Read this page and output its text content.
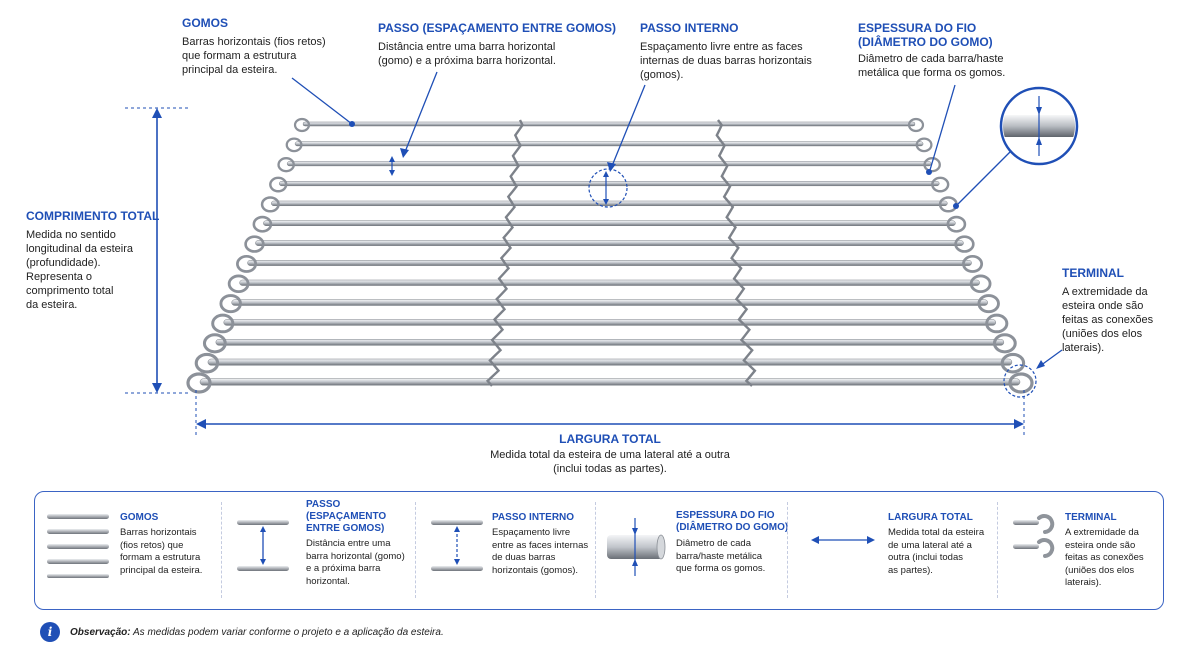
GOMOS
Barras horizontais (fios retos)
que formam a estrutura
principal da esteira.
PASSO (ESPAÇAMENTO ENTRE GOMOS)
Distância entre uma barra horizontal
(gomo) e a próxima barra horizontal.
PASSO INTERNO
Espaçamento livre entre as faces
internas de duas barras horizontais
(gomos).
ESPESSURA DO FIO
(DIÂMETRO DO GOMO)
Diâmetro de cada barra/haste
metálica que forma os gomos.
COMPRIMENTO TOTAL
Medida no sentido
longitudinal da esteira
(profundidade).
Representa o
comprimento total
da esteira.
TERMINAL
A extremidade da
esteira onde são
feitas as conexões
(uniões dos elos
laterais).
LARGURA TOTAL
Medida total da esteira de uma lateral até a outra
(inclui todas as partes).
GOMOS
Barras horizontais
(fios retos) que
formam a estrutura
principal da esteira.
PASSO
(ESPAÇAMENTO
ENTRE GOMOS)
Distância entre uma
barra horizontal (gomo)
e a próxima barra
horizontal.
PASSO INTERNO
Espaçamento livre
entre as faces internas
de duas barras
horizontais (gomos).
ESPESSURA DO FIO
(DIÂMETRO DO GOMO)
Diâmetro de cada
barra/haste metálica
que forma os gomos.
LARGURA TOTAL
Medida total da esteira
de uma lateral até a
outra (inclui todas
as partes).
TERMINAL
A extremidade da
esteira onde são
feitas as conexões
(uniões dos elos
laterais).
i	Observação: As medidas podem variar conforme o projeto e a aplicação da esteira.
